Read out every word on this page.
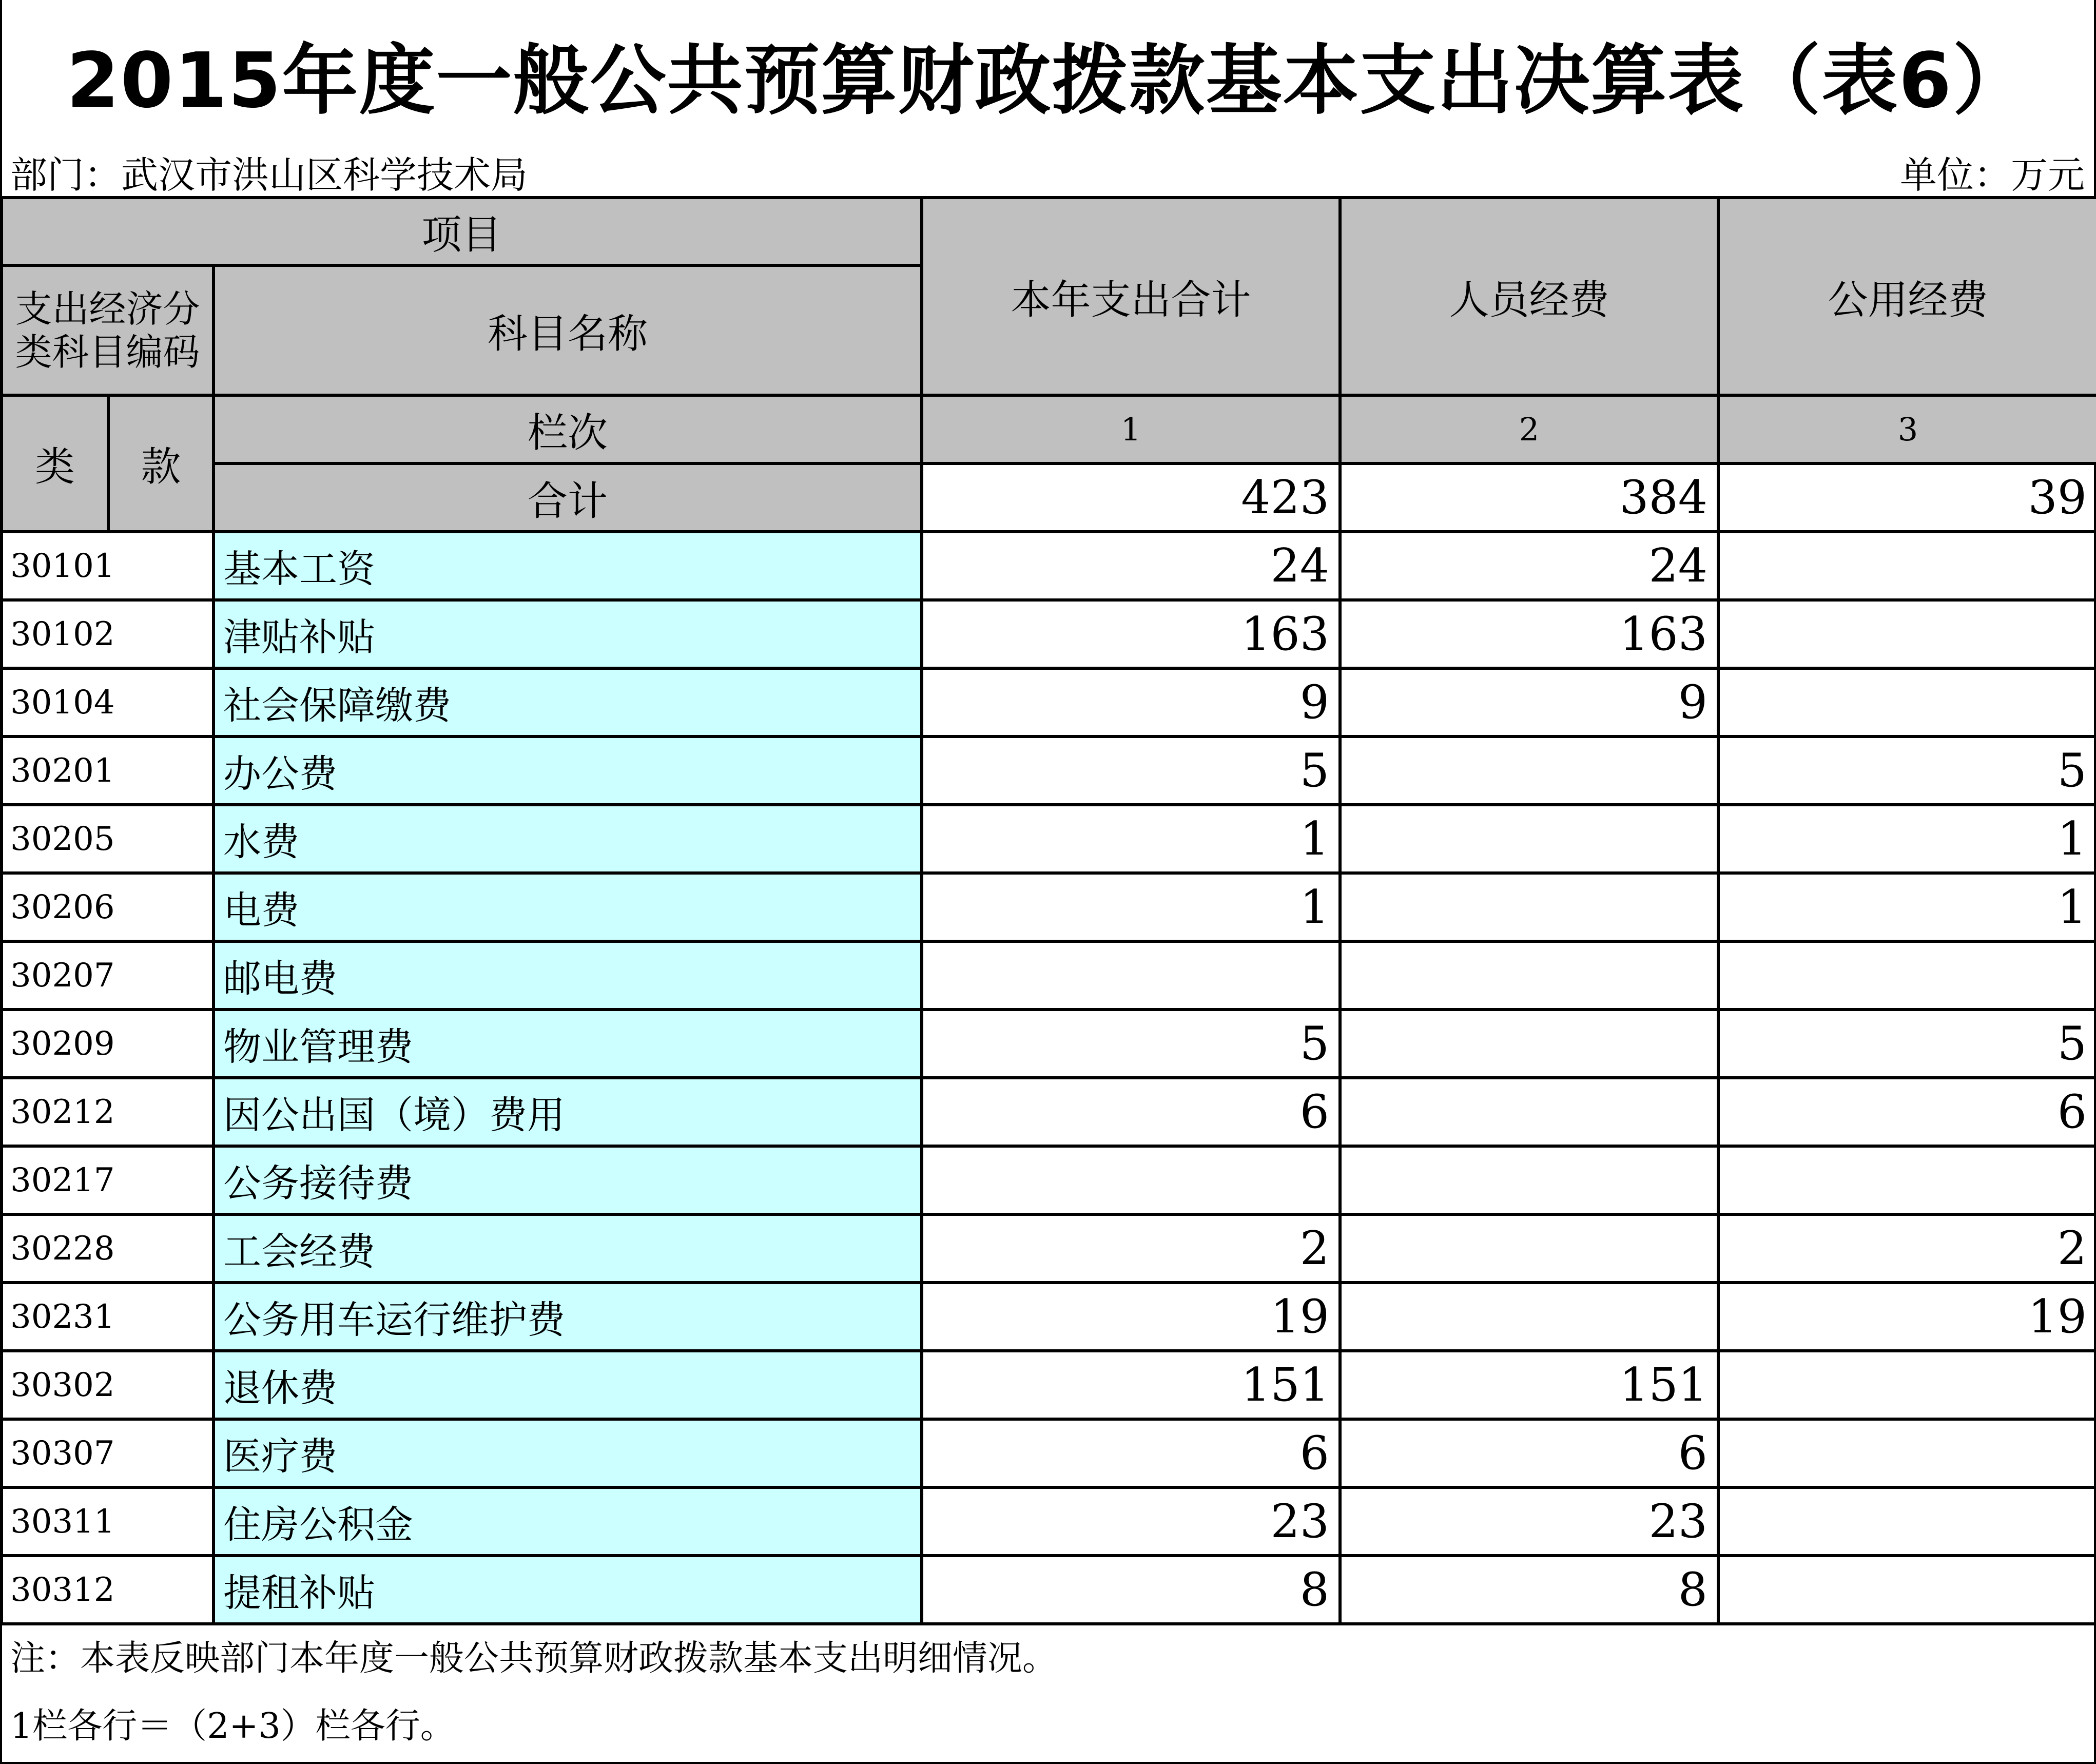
2015年度一般公共预算财政拨款基本支出决算表（表6）
部门：武汉市洪山区科学技术局	单位：万元
项目			本年支出合计	人员经费	公用经费
支出经济分类科目编码		科目名称			
类	款	栏次	1	2	3
		合计	423	384	39
30101		基本工资	24	24	
30102		津贴补贴	163	163	
30104		社会保障缴费	9	9	
30201		办公费	5		5
30205		水费	1		1
30206		电费	1		1
30207		邮电费			
30209		物业管理费	5		5
30212		因公出国（境）费用	6		6
30217		公务接待费			
30228		工会经费	2		2
30231		公务用车运行维护费	19		19
30302		退休费	151	151	
30307		医疗费	6	6	
30311		住房公积金	23	23	
30312		提租补贴	8	8	
注：本表反映部门本年度一般公共预算财政拨款基本支出明细情况。
1栏各行＝（2+3）栏各行。
